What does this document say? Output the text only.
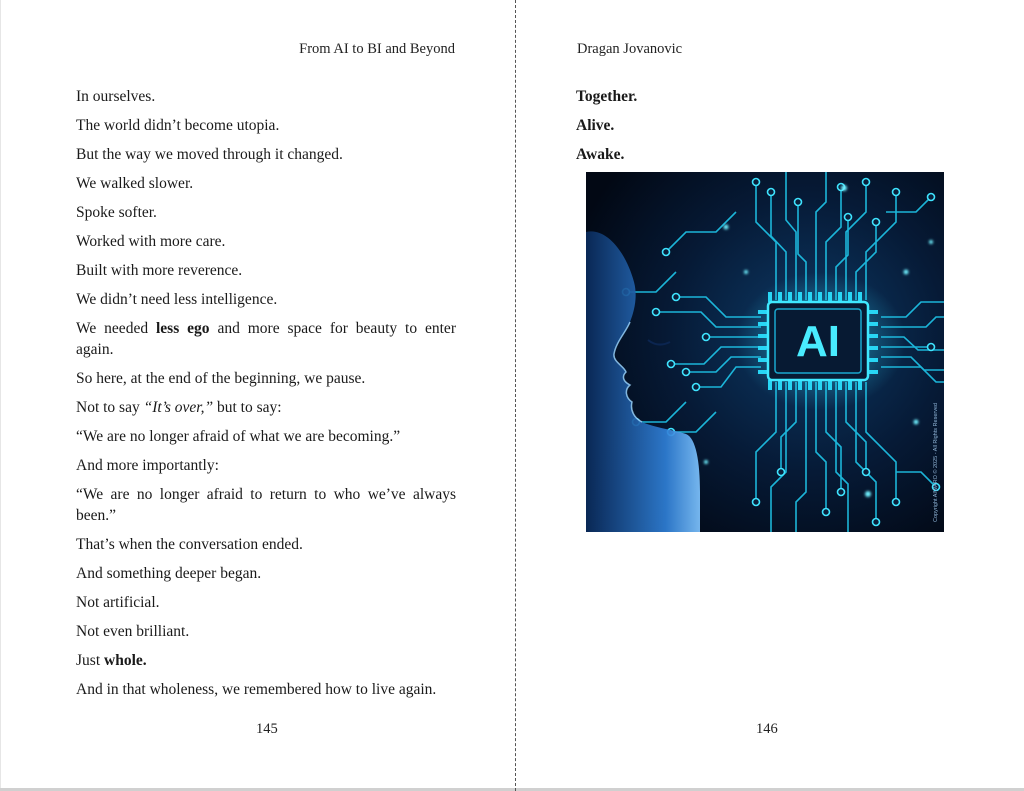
From AI to BI and Beyond

In ourselves.

The world didn’t become utopia.

But the way we moved through it changed.

We walked slower.

Spoke softer.

Worked with more care.

Built with more reverence.

We didn’t need less intelligence.

We needed less ego and more space for beauty to enter again.

So here, at the end of the beginning, we pause.

Not to say “It’s over,” but to say:

“We are no longer afraid of what we are becoming.”

And more importantly:

“We are no longer afraid to return to who we’ve always been.”

That’s when the conversation ended.

And something deeper began.

Not artificial.

Not even brilliant.

Just whole.

And in that wholeness, we remembered how to live again.

145
Dragan Jovanovic

Together.

Alive.

Awake.

AI
Copyright AIWARO © 2025 - All Rights Reserved
146
